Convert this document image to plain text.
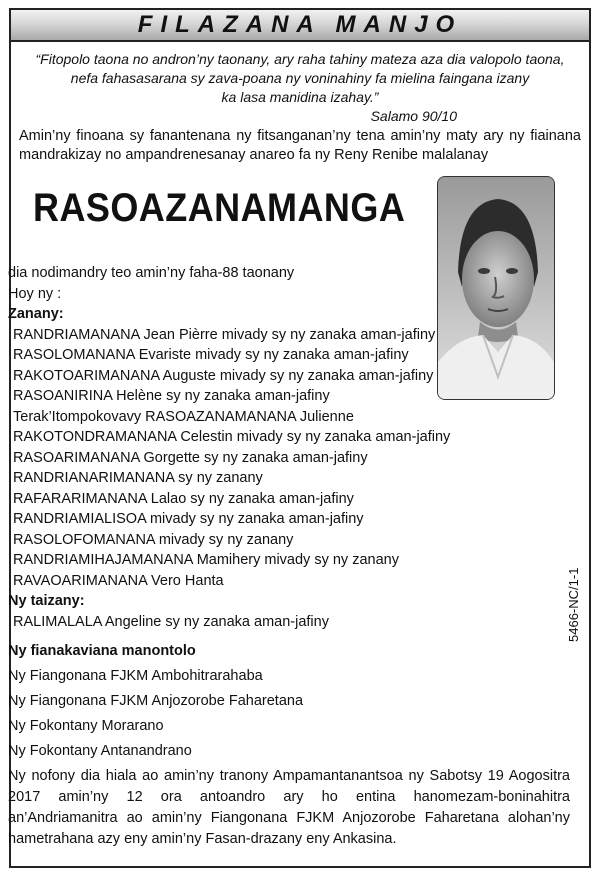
FILAZANA MANJO
“Fitopolo taona no andron’ny taonany, ary raha tahiny mateza aza dia valopolo taona,
nefa fahasasarana sy zava-poana ny voninahiny fa mielina faingana izany
ka lasa manidina izahay.”
Salamo 90/10
Amin’ny finoana sy fanantenana ny fitsanganan’ny tena amin’ny maty ary ny fiainana mandrakizay no ampandrenesanay anareo fa ny Reny Renibe malalanay
RASOAZANAMANGA
dia nodimandry teo amin’ny faha-88 taonany
Hoy ny :
Zanany:
RANDRIAMANANA Jean Pièrre mivady sy ny zanaka aman-jafiny
RASOLOMANANA Evariste mivady sy ny zanaka aman-jafiny
RAKOTOARIMANANA Auguste mivady sy ny zanaka aman-jafiny
RASOANIRINA Helène sy ny zanaka aman-jafiny
Terak’Itompokovavy RASOAZANAMANANA Julienne
RAKOTONDRAMANANA Celestin mivady sy ny zanaka aman-jafiny
RASOARIMANANA Gorgette sy ny zanaka aman-jafiny
RANDRIANARIMANANA sy ny zanany
RAFARARIMANANA Lalao sy ny zanaka aman-jafiny
RANDRIAMIALISOA mivady sy ny zanaka aman-jafiny
RASOLOFOMANANA mivady sy ny zanany
RANDRIAMIHAJAMANANA Mamihery mivady sy ny zanany
RAVAOARIMANANA Vero Hanta
Ny taizany:
RALIMALALA Angeline sy ny zanaka aman-jafiny
Ny fianakaviana manontolo
Ny Fiangonana FJKM Ambohitrarahaba
Ny Fiangonana FJKM Anjozorobe Faharetana
Ny Fokontany Morarano
Ny Fokontany Antanandrano
Ny nofony dia hiala ao amin’ny tranony Ampamantanantsoa ny Sabotsy 19 Aogositra 2017 amin’ny 12 ora antoandro ary ho entina hanomezam-boninahitra an’Andriamanitra ao amin’ny Fiangonana FJKM Anjozorobe Faharetana alohan’ny hametrahana azy eny amin’ny Fasan-drazany eny Ankasina.
5466-NC/1-1
